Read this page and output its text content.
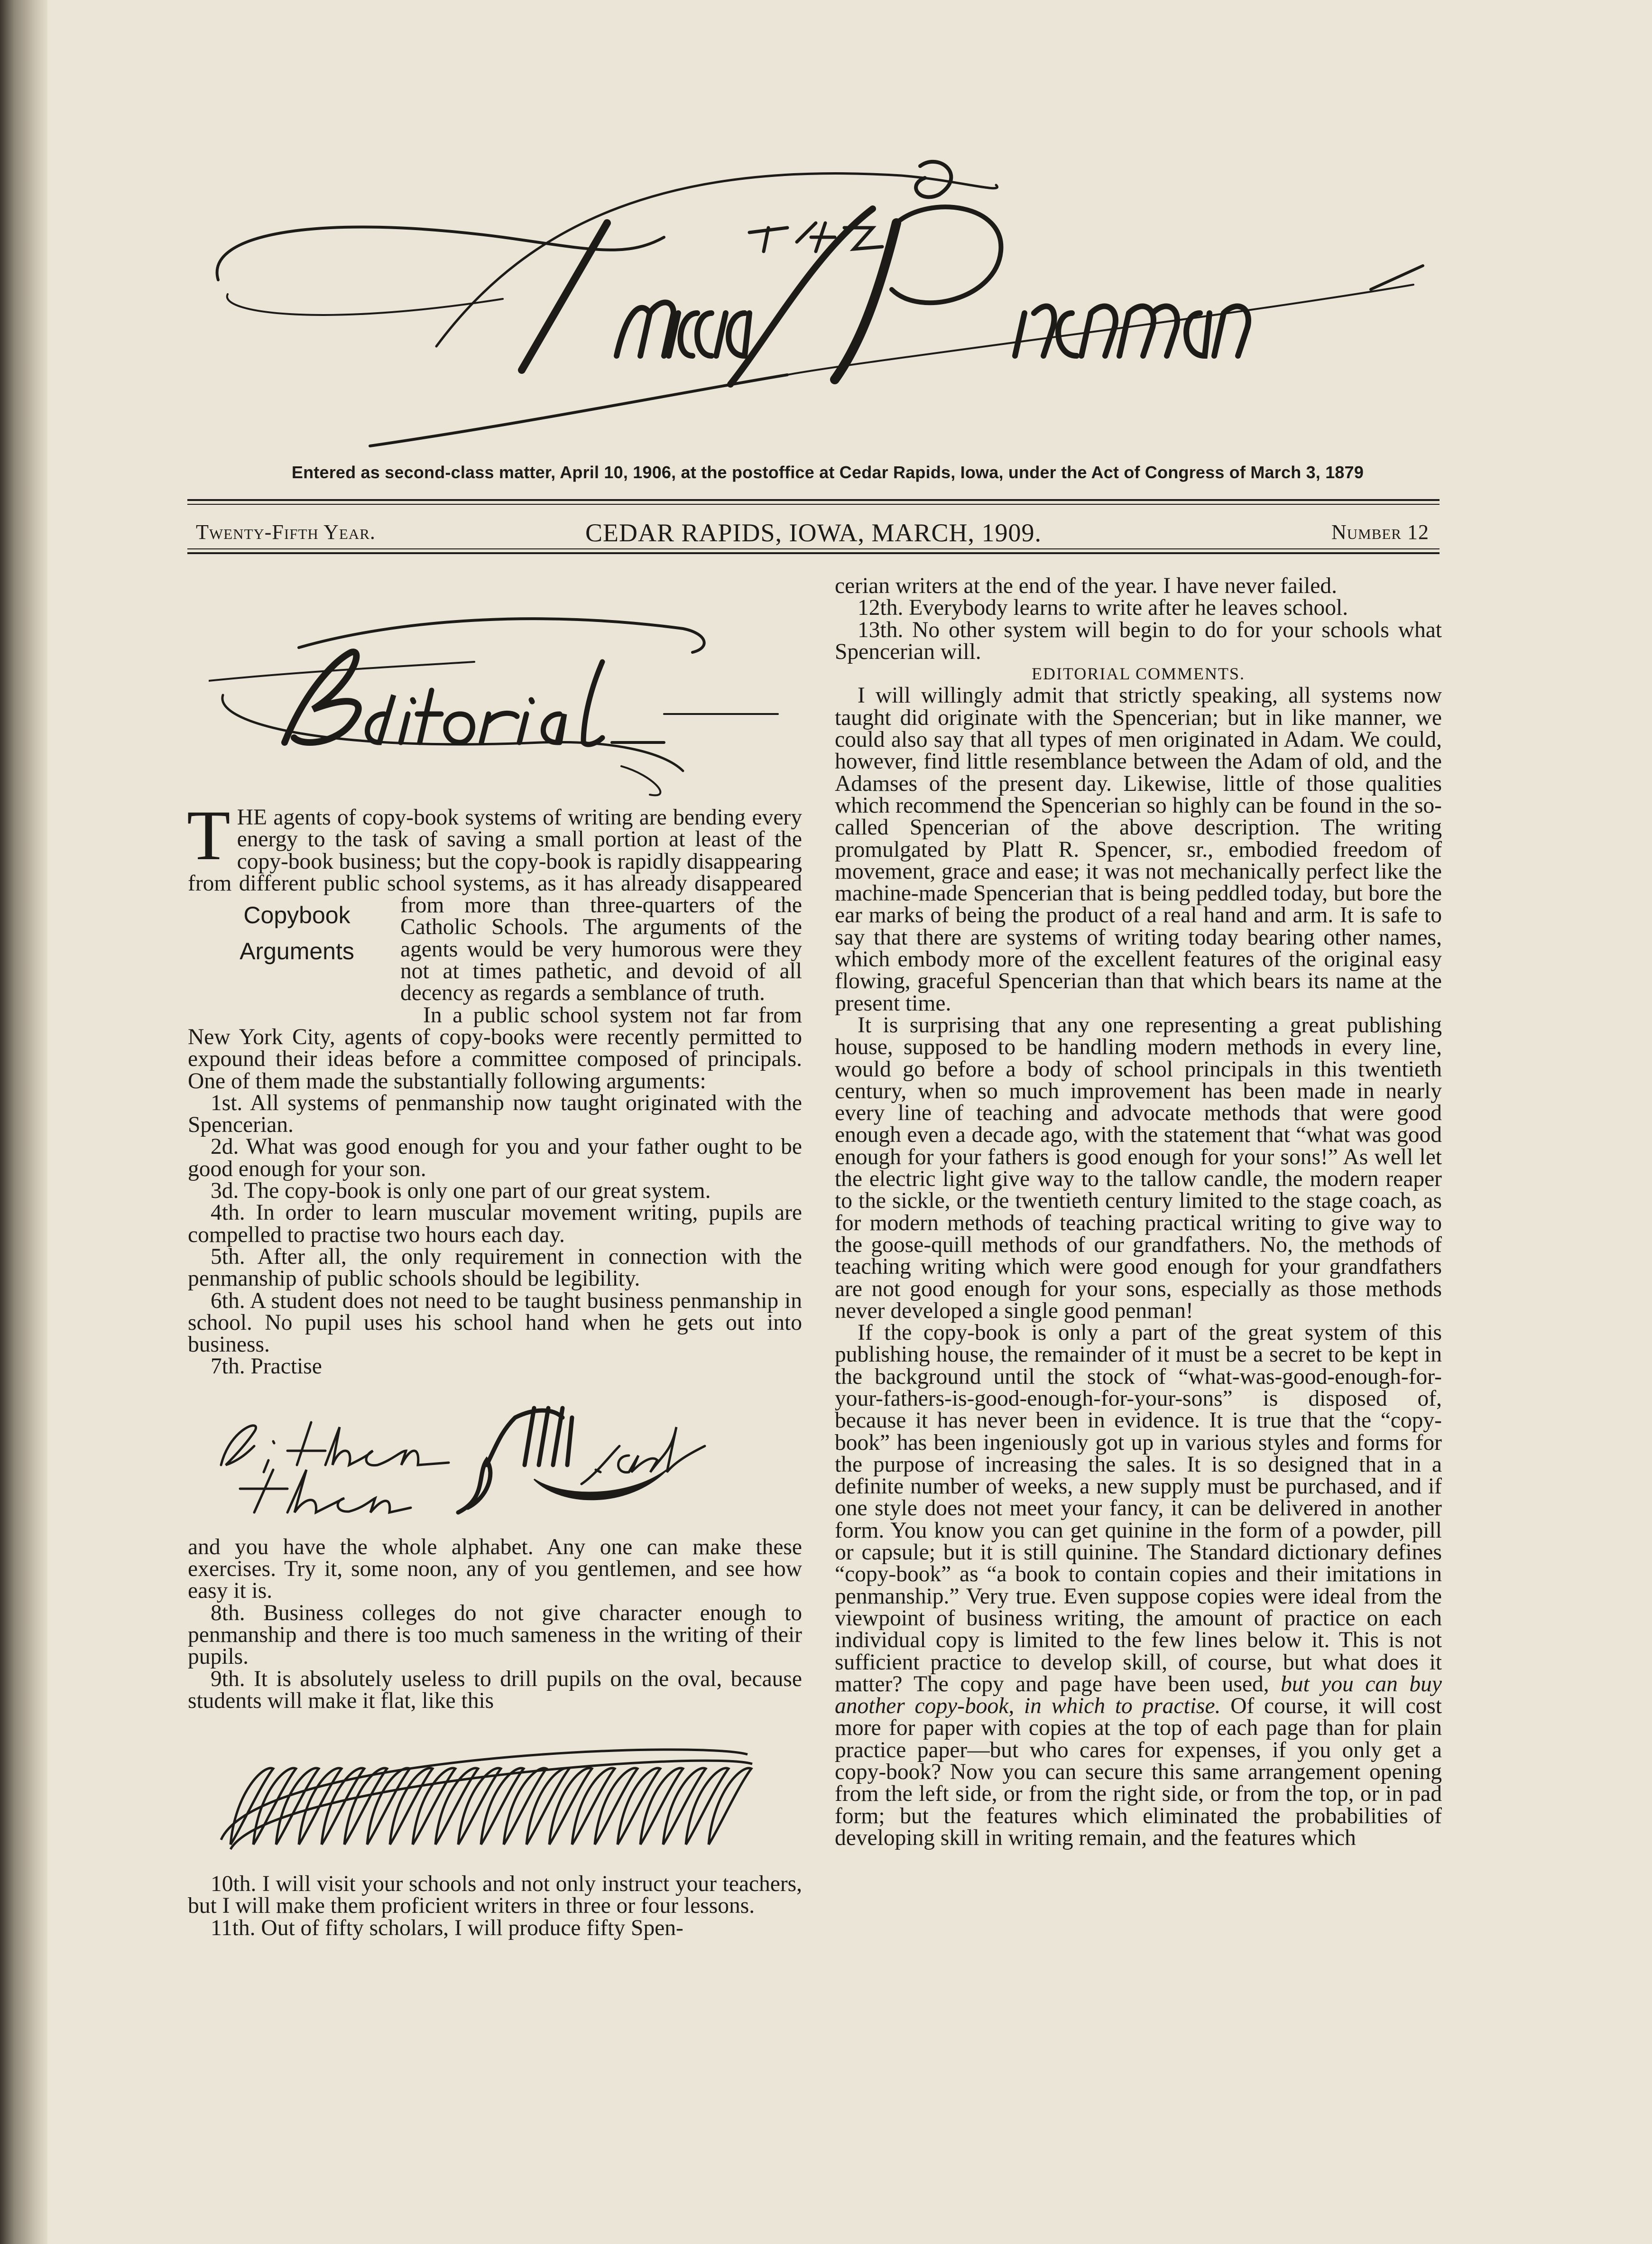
American Penman
Entered as second-class matter, April 10, 1906, at the postoffice at Cedar Rapids, Iowa, under the Act of Congress of March 3, 1879
Twenty-Fifth Year.	CEDAR RAPIDS, IOWA, MARCH, 1909.	Number 12

THE agents of copy-book systems of writing are bending every energy to the task of saving a small portion at least of the copy-book business; but the copy-book is rapidly disappearing from different public school systems, as it has already disappeared from more than three-quarters
Copybook
Arguments
of the Catholic Schools. The arguments of the agents would be very humorous were they not at times pathetic, and devoid of all decency as regards a semblance of truth.

In a public school system not far from New York City, agents of copy-books were recently permitted to expound their ideas before a committee composed of principals. One of them made the substantially following arguments:

1st. All systems of penmanship now taught originated with the Spencerian.

2d. What was good enough for you and your father ought to be good enough for your son.

3d. The copy-book is only one part of our great system.

4th. In order to learn muscular movement writing, pupils are compelled to practise two hours each day.

5th. After all, the only requirement in connection with the penmanship of public schools should be legibility.

6th. A student does not need to be taught business penmanship in school. No pupil uses his school hand when he gets out into business.

7th. Practise

and you have the whole alphabet. Any one can make these exercises. Try it, some noon, any of you gentlemen, and see how easy it is.

8th. Business colleges do not give character enough to penmanship and there is too much sameness in the writing of their pupils.

9th. It is absolutely useless to drill pupils on the oval, because students will make it flat, like this

10th. I will visit your schools and not only instruct your teachers, but I will make them proficient writers in three or four lessons.

11th. Out of fifty scholars, I will produce fifty Spen-

cerian writers at the end of the year. I have never failed.

12th. Everybody learns to write after he leaves school.

13th. No other system will begin to do for your schools what Spencerian will.

EDITORIAL COMMENTS.

I will willingly admit that strictly speaking, all systems now taught did originate with the Spencerian; but in like manner, we could also say that all types of men originated in Adam. We could, however, find little resemblance between the Adam of old, and the Adamses of the present day. Likewise, little of those qualities which recommend the Spencerian so highly can be found in the so-called Spencerian of the above description. The writing promulgated by Platt R. Spencer, sr., embodied freedom of movement, grace and ease; it was not mechanically perfect like the machine-made Spencerian that is being peddled today, but bore the ear marks of being the product of a real hand and arm. It is safe to say that there are systems of writing today bearing other names, which embody more of the excellent features of the original easy flowing, graceful Spencerian than that which bears its name at the present time.

It is surprising that any one representing a great publishing house, supposed to be handling modern methods in every line, would go before a body of school principals in this twentieth century, when so much improvement has been made in nearly every line of teaching and advocate methods that were good enough even a decade ago, with the statement that “what was good enough for your fathers is good enough for your sons!” As well let the electric light give way to the tallow candle, the modern reaper to the sickle, or the twentieth century limited to the stage coach, as for modern methods of teaching practical writing to give way to the goose-quill methods of our grandfathers. No, the methods of teaching writing which were good enough for your grandfathers are not good enough for your sons, especially as those methods never developed a single good penman!

If the copy-book is only a part of the great system of this publishing house, the remainder of it must be a secret to be kept in the background until the stock of “what-was-good-enough-for-your-fathers-is-good-enough-for-your-sons” is disposed of, because it has never been in evidence. It is true that the “copy-book” has been ingeniously got up in various styles and forms for the purpose of increasing the sales. It is so designed that in a definite number of weeks, a new supply must be purchased, and if one style does not meet your fancy, it can be delivered in another form. You know you can get quinine in the form of a powder, pill or capsule; but it is still quinine. The Standard dictionary defines “copy-book” as “a book to contain copies and their imitations in penmanship.” Very true. Even suppose copies were ideal from the viewpoint of business writing, the amount of practice on each individual copy is limited to the few lines below it. This is not sufficient practice to develop skill, of course, but what does it matter? The copy and page have been used, but you can buy another copy-book, in which to practise. Of course, it will cost more for paper with copies at the top of each page than for plain practice paper—but who cares for expenses, if you only get a copy-book? Now you can secure this same arrangement opening from the left side, or from the right side, or from the top, or in pad form; but the features which eliminated the probabilities of developing skill in writing remain, and the features which
